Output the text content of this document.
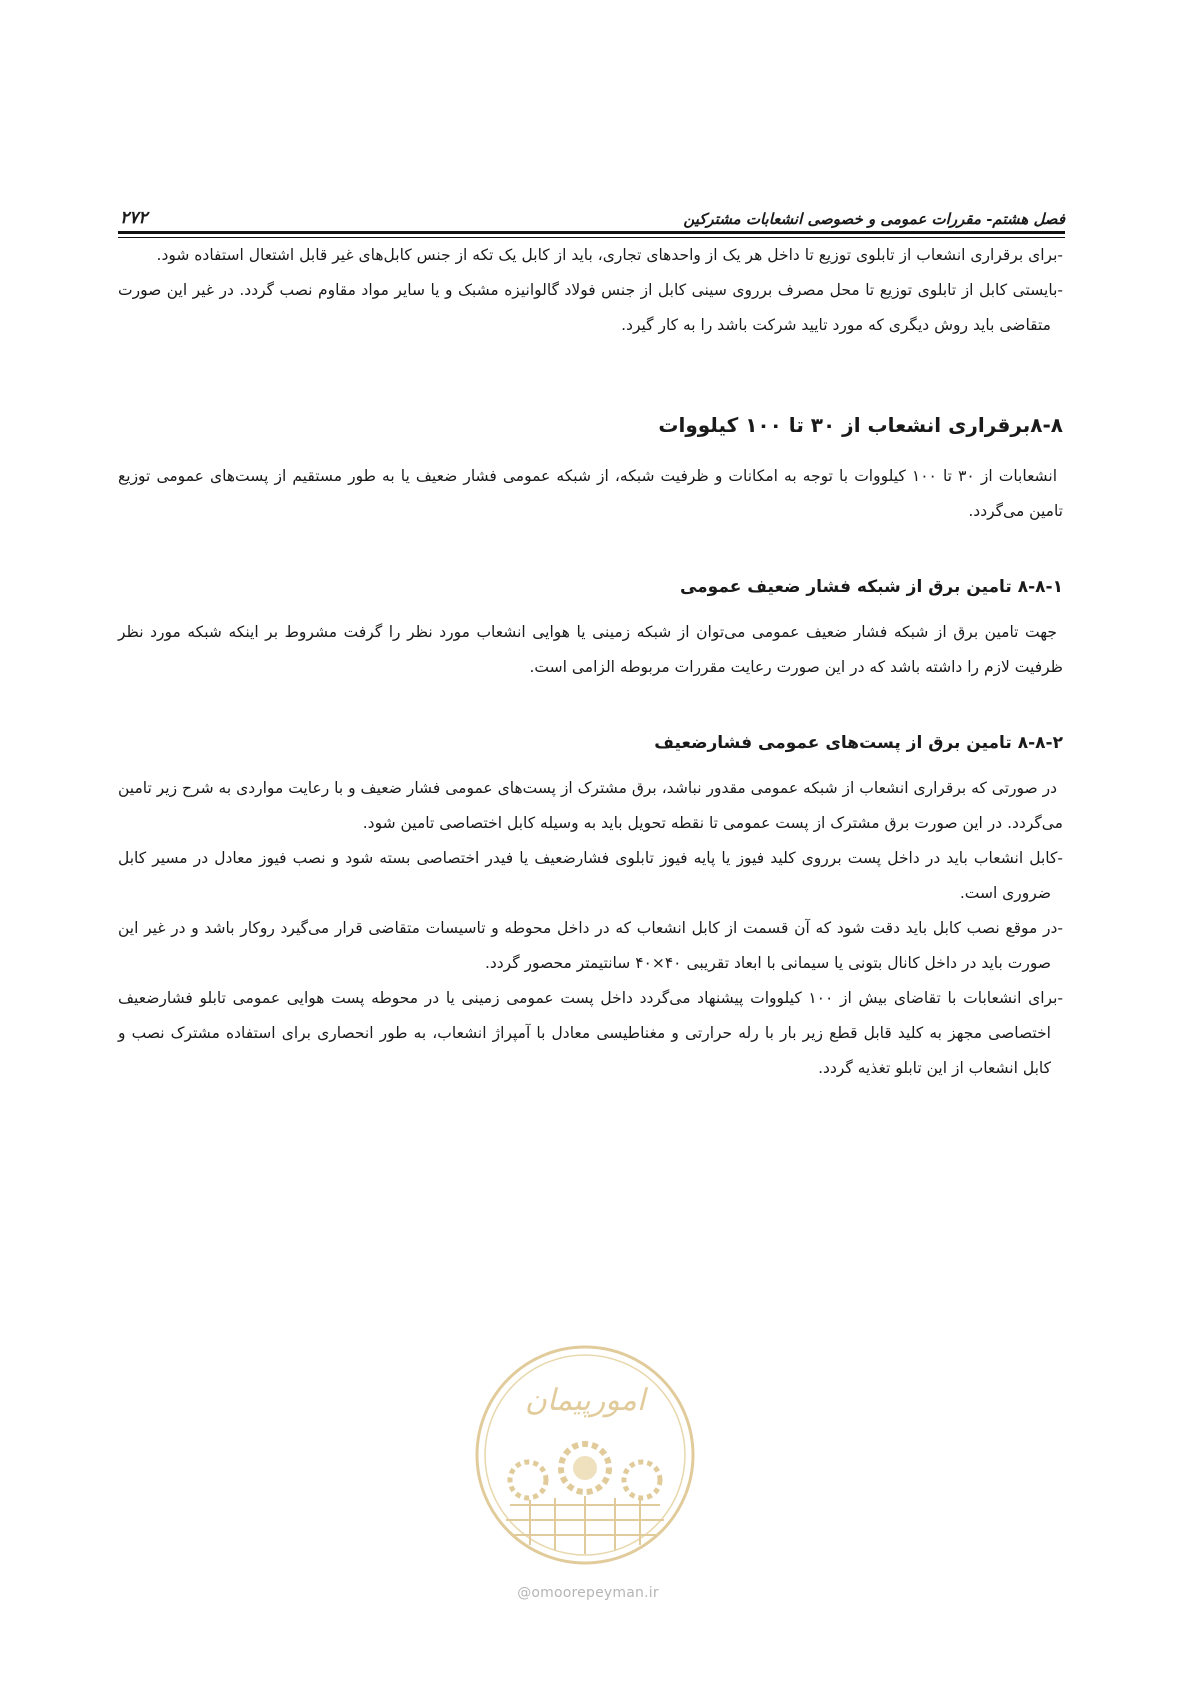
فصل هشتم- مقررات عمومی و خصوصی انشعابات مشترکین
۲۷۲

-برای برقراری انشعاب از تابلوی توزیع تا داخل هر یک از واحدهای تجاری، باید از کابل یک تکه از جنس کابل‌های غیر قابل اشتعال استفاده شود.

-بایستی کابل از تابلوی توزیع تا محل مصرف برروی سینی کابل از جنس فولاد گالوانیزه مشبک و یا سایر مواد مقاوم نصب گردد. در غیر این صورت متقاضی باید روش دیگری که مورد تایید شرکت باشد را به کار گیرد.

۸-۸برقراری انشعاب از ۳۰ تا ۱۰۰ کیلووات

انشعابات از ۳۰ تا ۱۰۰ کیلووات با توجه به امکانات و ظرفیت شبکه، از شبکه عمومی فشار ضعیف یا به طور مستقیم از پست‌های عمومی توزیع تامین می‌گردد.

۸-۸-۱ تامین برق از شبکه فشار ضعیف عمومی

جهت تامین برق از شبکه فشار ضعیف عمومی می‌توان از شبکه زمینی یا هوایی انشعاب مورد نظر را گرفت مشروط بر اینکه شبکه مورد نظر ظرفیت لازم را داشته باشد که در این صورت رعایت مقررات مربوطه الزامی است.

۸-۸-۲ تامین برق از پست‌های عمومی فشارضعیف

در صورتی که برقراری انشعاب از شبکه عمومی مقدور نباشد، برق مشترک از پست‌های عمومی فشار ضعیف و با رعایت مواردی به شرح زیر تامین می‌گردد. در این صورت برق مشترک از پست عمومی تا نقطه تحویل باید به وسیله کابل اختصاصی تامین شود.

-کابل انشعاب باید در داخل پست برروی کلید فیوز یا پایه فیوز تابلوی فشارضعیف یا فیدر اختصاصی بسته شود و نصب فیوز معادل در مسیر کابل ضروری است.

-در موقع نصب کابل باید دقت شود که آن قسمت از کابل انشعاب که در داخل محوطه و تاسیسات متقاضی قرار می‌گیرد روکار باشد و در غیر این صورت باید در داخل کانال بتونی یا سیمانی با ابعاد تقریبی ۴۰×۴۰ سانتیمتر محصور گردد.

-برای انشعابات با تقاضای بیش از ۱۰۰ کیلووات پیشنهاد می‌گردد داخل پست عمومی زمینی یا در محوطه پست هوایی عمومی تابلو فشارضعیف اختصاصی مجهز به کلید قابل قطع زیر بار با رله حرارتی و مغناطیسی معادل با آمپراژ انشعاب، به طور انحصاری برای استفاده مشترک نصب و کابل انشعاب از این تابلو تغذیه گردد.

امورپیمان
@omoorepeyman.ir
